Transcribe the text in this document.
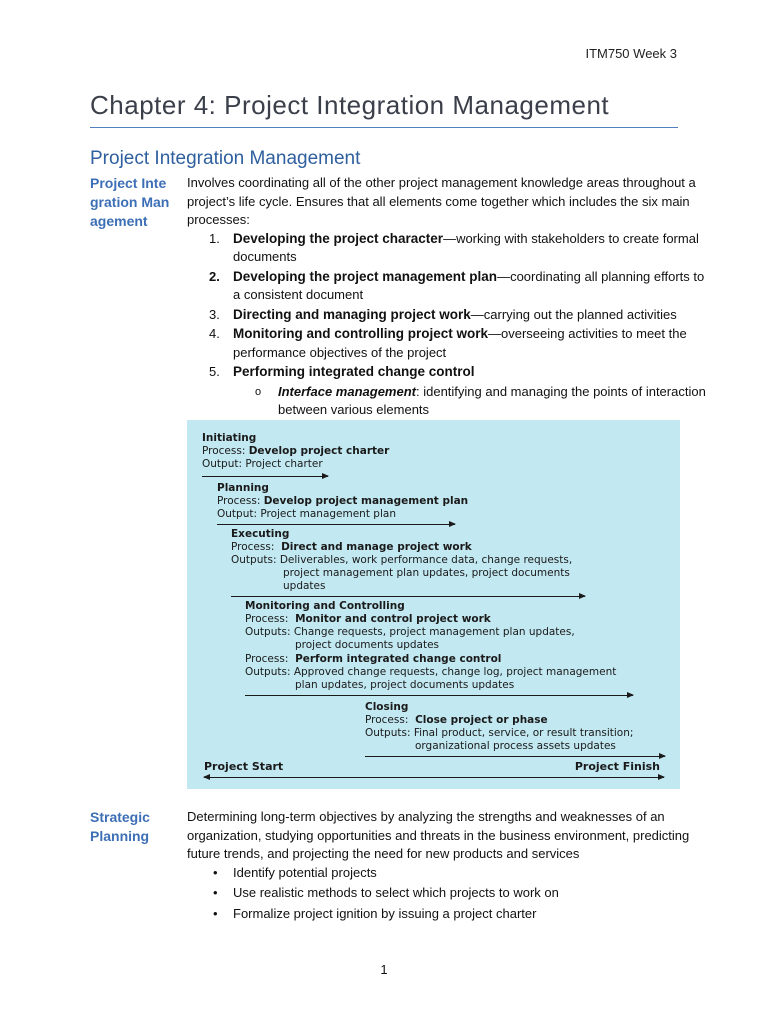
ITM750 Week 3
Chapter 4: Project Integration Management
Project Integration Management
Project Integration Management
Involves coordinating all of the other project management knowledge areas throughout a project’s life cycle. Ensures that all elements come together which includes the six main processes:
1. Developing the project character—working with stakeholders to create formal documents
2. Developing the project management plan—coordinating all planning efforts to a consistent document
3. Directing and managing project work—carrying out the planned activities
4. Monitoring and controlling project work—overseeing activities to meet the performance objectives of the project
5. Performing integrated change control
o Interface management: identifying and managing the points of interaction between various elements
Initiating
Process: Develop project charter
Output: Project charter
Planning
Process: Develop project management plan
Output: Project management plan
Executing
Process: Direct and manage project work
Outputs: Deliverables, work performance data, change requests,
project management plan updates, project documents
updates
Monitoring and Controlling
Process: Monitor and control project work
Outputs: Change requests, project management plan updates,
project documents updates
Process: Perform integrated change control
Outputs: Approved change requests, change log, project management
plan updates, project documents updates
Closing
Process: Close project or phase
Outputs: Final product, service, or result transition;
organizational process assets updates
Project Start	Project Finish
Strategic Planning
Determining long-term objectives by analyzing the strengths and weaknesses of an organization, studying opportunities and threats in the business environment, predicting future trends, and projecting the need for new products and services
• Identify potential projects
• Use realistic methods to select which projects to work on
• Formalize project ignition by issuing a project charter
1
